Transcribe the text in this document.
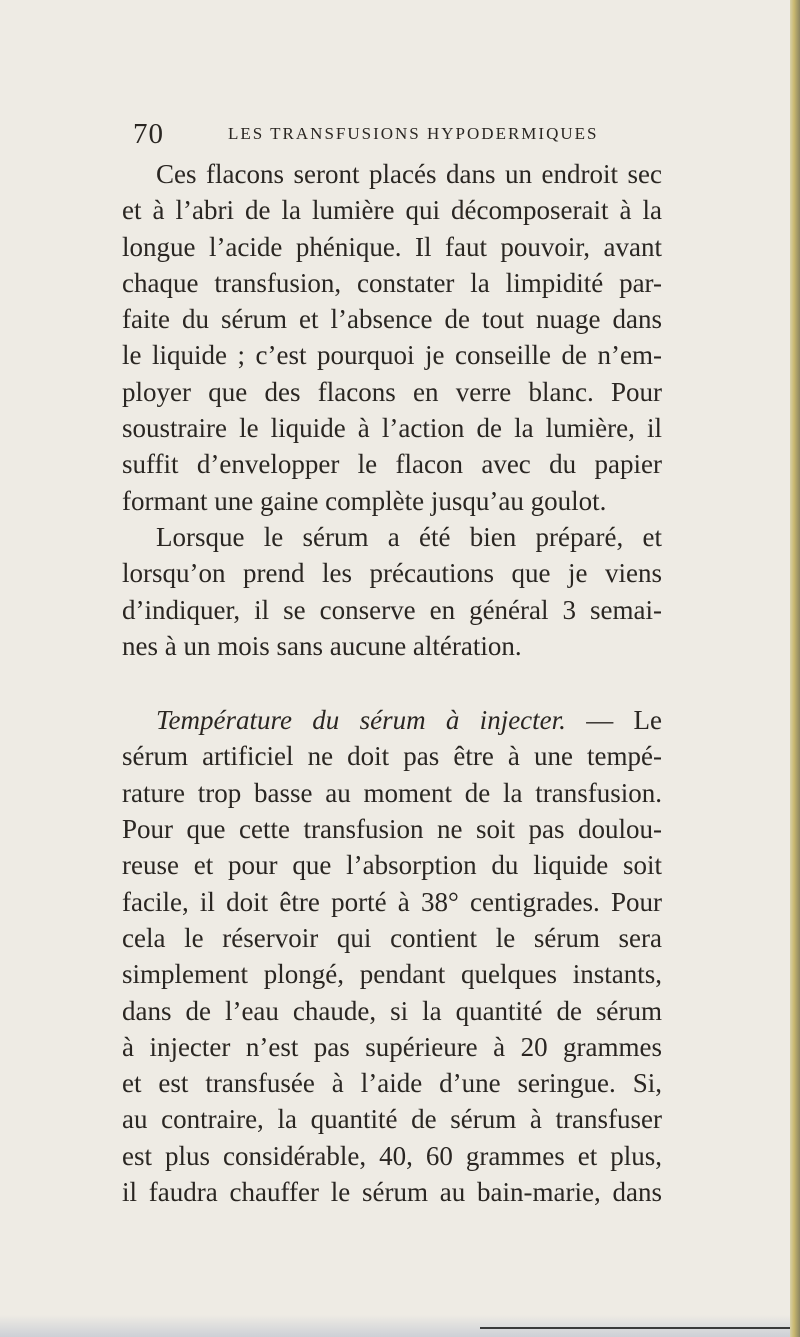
70	LES TRANSFUSIONS HYPODERMIQUES
Ces flacons seront placés dans un endroit sec
et à l’abri de la lumière qui décomposerait à la
longue l’acide phénique. Il faut pouvoir, avant
chaque transfusion, constater la limpidité par-
faite du sérum et l’absence de tout nuage dans
le liquide ; c’est pourquoi je conseille de n’em-
ployer que des flacons en verre blanc. Pour
soustraire le liquide à l’action de la lumière, il
suffit d’envelopper le flacon avec du papier
formant une gaine complète jusqu’au goulot.
Lorsque le sérum a été bien préparé, et
lorsqu’on prend les précautions que je viens
d’indiquer, il se conserve en général 3 semai-
nes à un mois sans aucune altération.
Température du sérum à injecter. — Le
sérum artificiel ne doit pas être à une tempé-
rature trop basse au moment de la transfusion.
Pour que cette transfusion ne soit pas doulou-
reuse et pour que l’absorption du liquide soit
facile, il doit être porté à 38° centigrades. Pour
cela le réservoir qui contient le sérum sera
simplement plongé, pendant quelques instants,
dans de l’eau chaude, si la quantité de sérum
à injecter n’est pas supérieure à 20 grammes
et est transfusée à l’aide d’une seringue. Si,
au contraire, la quantité de sérum à transfuser
est plus considérable, 40, 60 grammes et plus,
il faudra chauffer le sérum au bain-marie, dans
